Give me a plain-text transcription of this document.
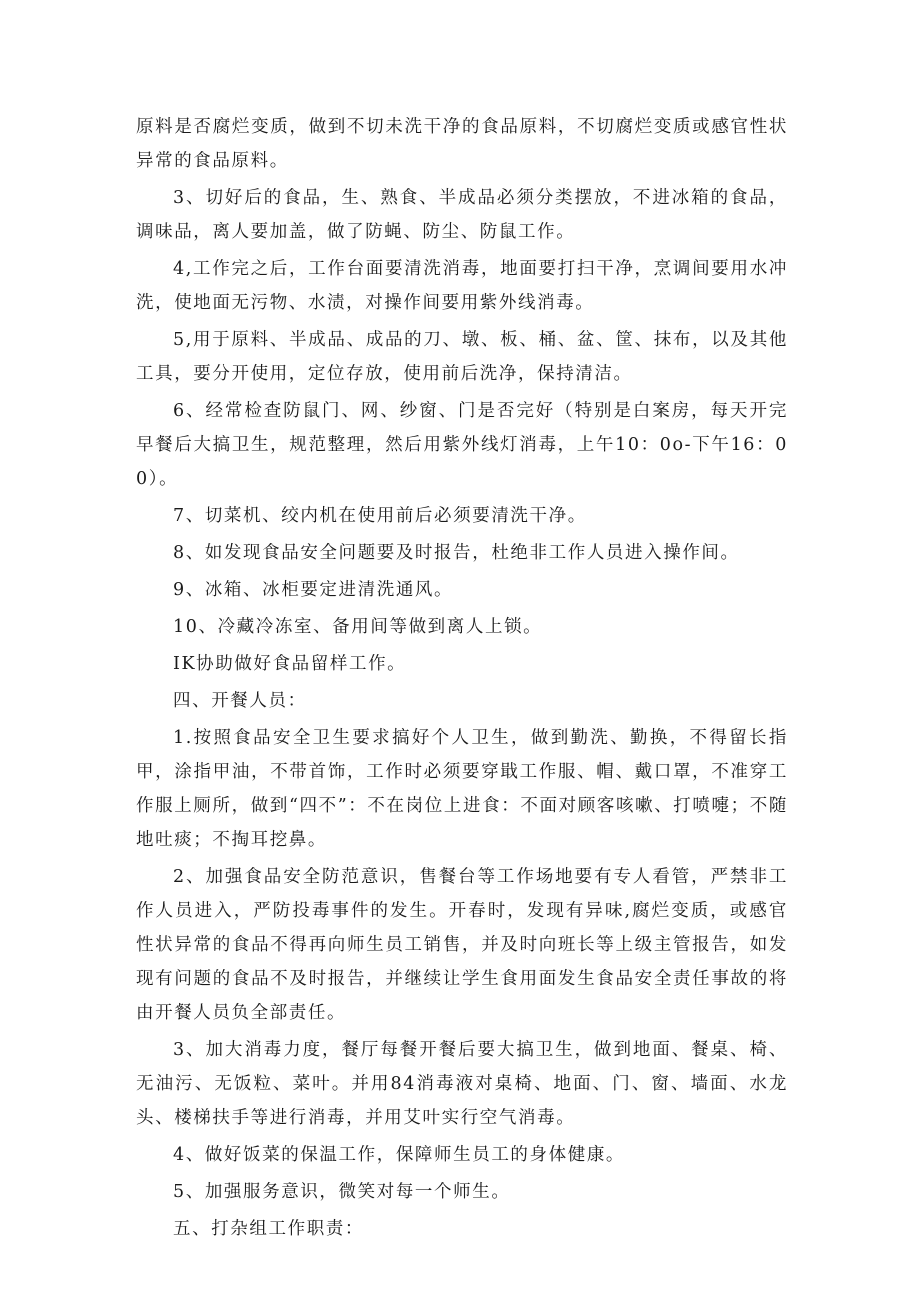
原料是否腐烂变质，做到不切未洗干净的食品原料，不切腐烂变质或感官性状异常的食品原料。

3、切好后的食品，生、熟食、半成品必须分类摆放，不进冰箱的食品，调味品，离人要加盖，做了防蝇、防尘、防鼠工作。

4,工作完之后，工作台面要清洗消毒，地面要打扫干净，烹调间要用水冲洗，使地面无污物、水渍，对操作间要用紫外线消毒。

5,用于原料、半成品、成品的刀、墩、板、桶、盆、筐、抹布，以及其他工具，要分开使用，定位存放，使用前后洗净，保持清洁。

6、经常检查防鼠门、网、纱窗、门是否完好（特别是白案房，每天开完早餐后大搞卫生，规范整理，然后用紫外线灯消毒，上午10：0o-下午16：00）。

7、切菜机、绞内机在使用前后必须要清洗干净。

8、如发现食品安全问题要及时报告，杜绝非工作人员进入操作间。

9、冰箱、冰柜要定进清洗通风。

10、冷藏冷冻室、备用间等做到离人上锁。

IK协助做好食品留样工作。

四、开餐人员：

1.按照食品安全卫生要求搞好个人卫生，做到勤洗、勤换，不得留长指甲，涂指甲油，不带首饰，工作时必须要穿戢工作服、帽、戴口罩，不准穿工作服上厕所，做到“四不”：不在岗位上进食：不面对顾客咳嗽、打喷嚏；不随地吐痰；不掏耳挖鼻。

2、加强食品安全防范意识，售餐台等工作场地要有专人看管，严禁非工作人员进入，严防投毒事件的发生。开春时，发现有异味,腐烂变质，或感官性状异常的食品不得再向师生员工销售，并及时向班长等上级主管报告，如发现有问题的食品不及时报告，并继续让学生食用面发生食品安全责任事故的将由开餐人员负全部责任。

3、加大消毒力度，餐厅每餐开餐后要大搞卫生，做到地面、餐桌、椅、无油污、无饭粒、菜叶。并用84消毒液对桌椅、地面、门、窗、墙面、水龙头、楼梯扶手等进行消毒，并用艾叶实行空气消毒。

4、做好饭菜的保温工作，保障师生员工的身体健康。

5、加强服务意识，微笑对每一个师生。

五、打杂组工作职责：
